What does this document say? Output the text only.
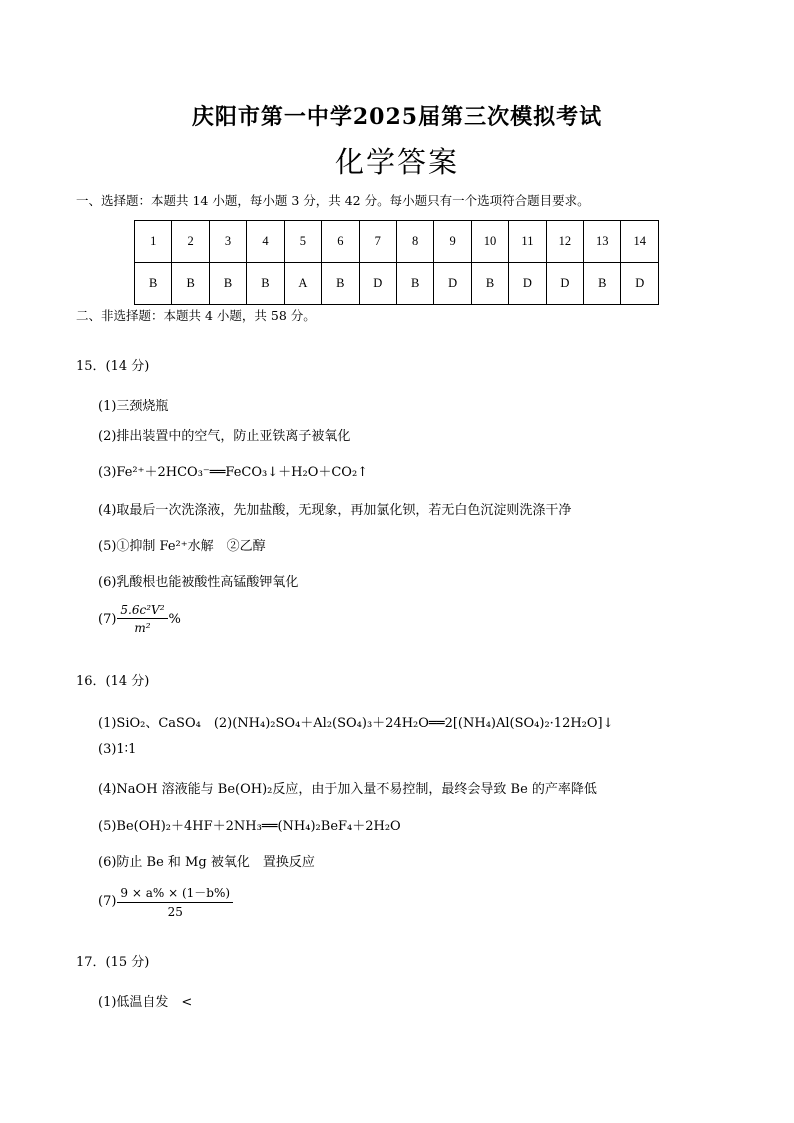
庆阳市第一中学2025届第三次模拟考试
化学答案
一、选择题：本题共 14 小题，每小题 3 分，共 42 分。每小题只有一个选项符合题目要求。
1	2	3	4	5	6	7	8	9	10	11	12	13	14
B	B	B	B	A	B	D	B	D	B	D	D	B	D
二、非选择题：本题共 4 小题，共 58 分。
15．(14 分)
(1)三颈烧瓶
(2)排出装置中的空气，防止亚铁离子被氧化
(3)Fe²⁺＋2HCO₃⁻══FeCO₃↓＋H₂O＋CO₂↑
(4)取最后一次洗涤液，先加盐酸，无现象，再加氯化钡，若无白色沉淀则洗涤干净
(5)①抑制 Fe²⁺水解　②乙醇
(6)乳酸根也能被酸性高锰酸钾氧化
$(7) \frac{\text{5.6c²V²}}{\text{m²}}$ %
16．(14 分)
(1)SiO₂、CaSO₄　(2)(NH₄)₂SO₄＋Al₂(SO₄)₃＋24H₂O══2[(NH₄)Al(SO₄)₂·12H₂O]↓
(3)1∶1
(4)NaOH 溶液能与 Be(OH)₂反应，由于加入量不易控制，最终会导致 Be 的产率降低
(5)Be(OH)₂＋4HF＋2NH₃══(NH₄)₂BeF₄＋2H₂O
(6)防止 Be 和 Mg 被氧化　置换反应
$(7) \frac{9 \times a\% \times (1-b\%)}{25}$
17．(15 分)
(1)低温自发　<
